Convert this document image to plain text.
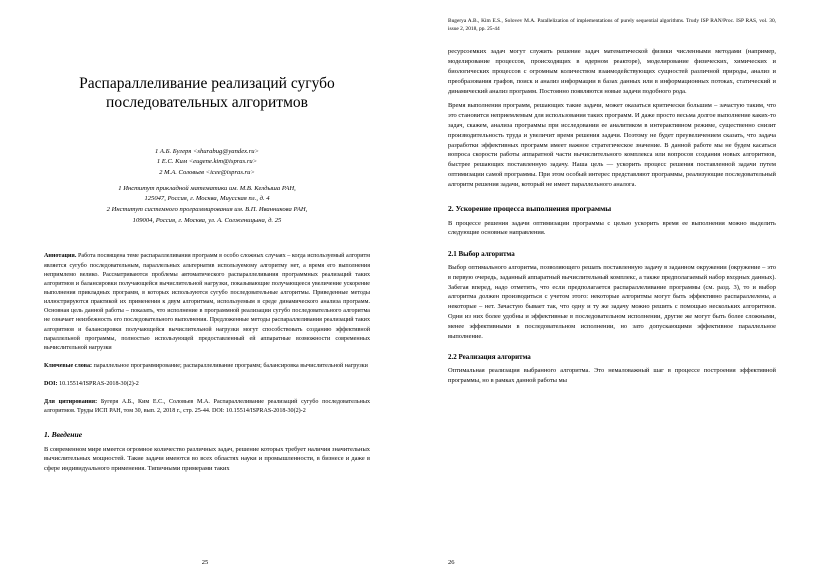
Распараллеливание реализаций сугубо последовательных алгоритмов
1 А.Б. Бугеря <shurabug@yandex.ru>
1 Е.С. Ким <eugene.kim@ispras.ru>
2 М.А. Соловьев <icee@ispras.ru>
1 Институт прикладной математики им. М.В. Келдыша РАН,
125047, Россия, г. Москва, Миусская пл., д. 4
2 Институт системного программирования им. В.П. Иванникова РАН,
109004, Россия, г. Москва, ул. А. Солженицына, д. 25
Аннотация. Работа посвящена теме распараллеливания программ в особо сложных случаях – когда используемый алгоритм является сугубо последовательным, параллельных альтернатив используемому алгоритму нет, а время его выполнения непримлемо велико. Рассматриваются проблемы автоматического распараллеливания программных реализаций таких алгоритмов и балансировки получающейся вычислительной нагрузки, показывающие получающееся увеличение ускорение выполнения прикладных программ, в которых используются сугубо последовательные алгоритмы. Приведенные методы иллюстрируются практикой их применения к двум алгоритмам, используемым в среде динамического анализа программ. Основная цель данной работы – показать, что исполнение в программной реализации сугубо последовательного алгоритма не означает неизбежность его последовательного выполнения. Предложенные методы распараллеливания реализаций таких алгоритмов и балансировки получающейся вычислительной нагрузки могут способствовать созданию эффективной параллельной программы, полностью использующей предоставленный ей аппаратные возможности современных вычислительной нагрузки
Ключевые слова: параллельное программирование; распараллеливание программ; балансировка вычислительной нагрузки
DOI: 10.15514/ISPRAS-2018-30(2)-2
Для цитирования: Бугеря А.Б., Ким Е.С., Соловьев М.А. Распараллеливание реализаций сугубо последовательных алгоритмов. Труды ИСП РАН, том 30, вып. 2, 2018 г., стр. 25-44. DOI: 10.15514/ISPRAS-2018-30(2)-2
1. Введение

В современном мире имеется огромное количество различных задач, решение которых требует наличия значительных вычислительных мощностей. Такие задачи имеются во всех областях науки и промышленности, в бизнесе и даже в сфере индивидуального применения. Типичными примерами таких

25
Bugerya A.B., Kim E.S., Solovev M.A. Parallelization of implementations of purely sequential algorithms. Trudy ISP RAN/Proc. ISP RAS, vol. 30, issue 2, 2018, pp. 25-44

ресурсоемких задач могут служить решение задач математической физики численными методами (например, моделирование процессов, происходящих в ядерном реакторе), моделирование физических, химических и биологических процессов с огромным количеством взаимодействующих сущностей различной природы, анализ и преобразования графов, поиск и анализ информации в базах данных или в информационных потоках, статический и динамический анализ программ. Постоянно появляются новые задачи подобного рода.

Время выполнения программ, решающих такие задачи, может оказаться критически большим – зачастую таким, что это становится неприемлемым для использования таких программ. И даже просто весьма долгое выполнение каких-то задач, скажем, анализа программы при исследовании ее аналитиком в интерактивном режиме, существенно снизит производительность труда и увеличит время решения задачи. Поэтому не будет преувеличением сказать, что задача разработки эффективных программ имеет важное стратегическое значение. В данной работе мы не будем касаться вопроса скорости работы аппаратной части вычислительного комплекса или вопросов создания новых алгоритмов, быстрее решающих поставленную задачу. Наша цель — ускорить процесс решения поставленной задачи путем оптимизации самой программы. При этом особый интерес представляют программы, реализующие последовательный алгоритм решения задачи, который не имеет параллельного аналога.

2. Ускорение процесса выполнения программы

В процессе решения задачи оптимизации программы с целью ускорить время ее выполнения можно выделить следующие основные направления.

2.1 Выбор алгоритма

Выбор оптимального алгоритма, позволяющего решать поставленную задачу в заданном окружении (окружение – это в первую очередь, заданный аппаратный вычислительный комплекс, а также предполагаемый набор входных данных). Забегая вперед, надо отметить, что если предполагается распараллеливание программы (см. разд. 3), то и выбор алгоритма должен производиться с учетом этого: некоторые алгоритмы могут быть эффективно распараллелены, а некоторые – нет. Зачастую бывает так, что одну и ту же задачу можно решить с помощью нескольких алгоритмов. Одни из них более удобны и эффективные в последовательном исполнении, другие же могут быть более сложными, менее эффективными в последовательном исполнении, но зато допускающими эффективное параллельное выполнение.

2.2 Реализация алгоритма

Оптимальная реализация выбранного алгоритма. Это немаловажный шаг в процессе построения эффективной программы, но в рамках данной работы мы

26
